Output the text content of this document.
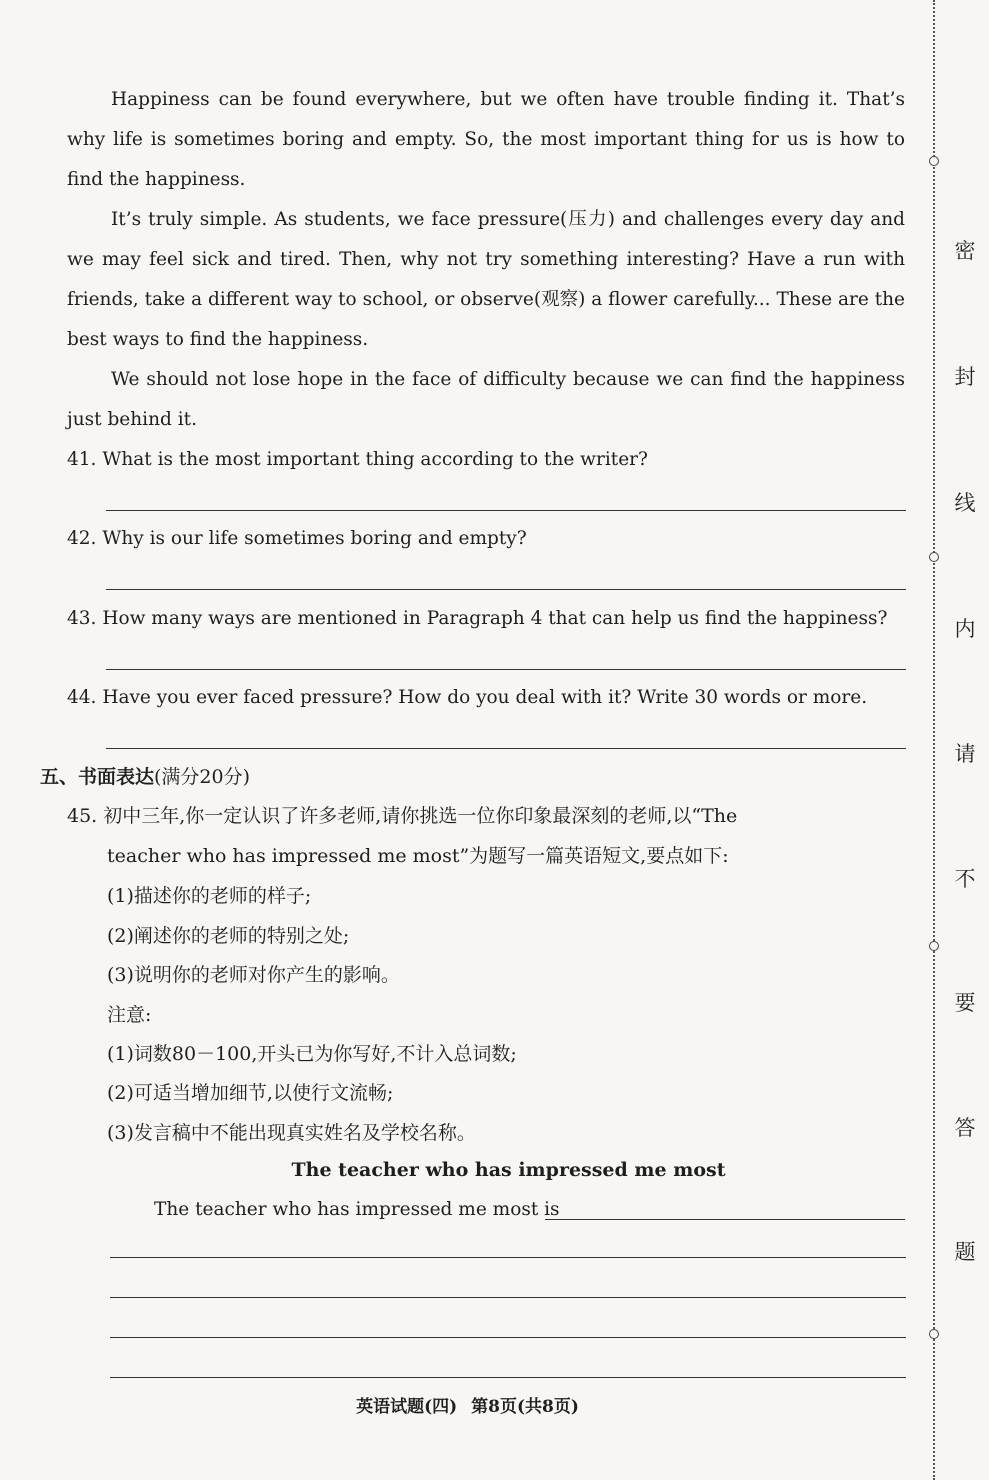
Happiness can be found everywhere, but we often have trouble finding it. That’s why life is sometimes boring and empty. So, the most important thing for us is how to find the happiness.

It’s truly simple. As students, we face pressure(压力) and challenges every day and we may feel sick and tired. Then, why not try something interesting? Have a run with friends, take a different way to school, or observe(观察) a flower carefully... These are the best ways to find the happiness.

We should not lose hope in the face of difficulty because we can find the happiness just behind it.

41. What is the most important thing according to the writer?

42. Why is our life sometimes boring and empty?

43. How many ways are mentioned in Paragraph 4 that can help us find the happiness?

44. Have you ever faced pressure? How do you deal with it? Write 30 words or more.

五、书面表达(满分20分)

45. 初中三年,你一定认识了许多老师,请你挑选一位你印象最深刻的老师,以“The

teacher who has impressed me most”为题写一篇英语短文,要点如下:

(1)描述你的老师的样子;

(2)阐述你的老师的特别之处;

(3)说明你的老师对你产生的影响。

注意:

(1)词数80－100,开头已为你写好,不计入总词数;

(2)可适当增加细节,以使行文流畅;

(3)发言稿中不能出现真实姓名及学校名称。

The teacher who has impressed me most
The teacher who has impressed me most is
英语试题(四) 第8页(共8页)
密
封
线
内
请
不
要
答
题
